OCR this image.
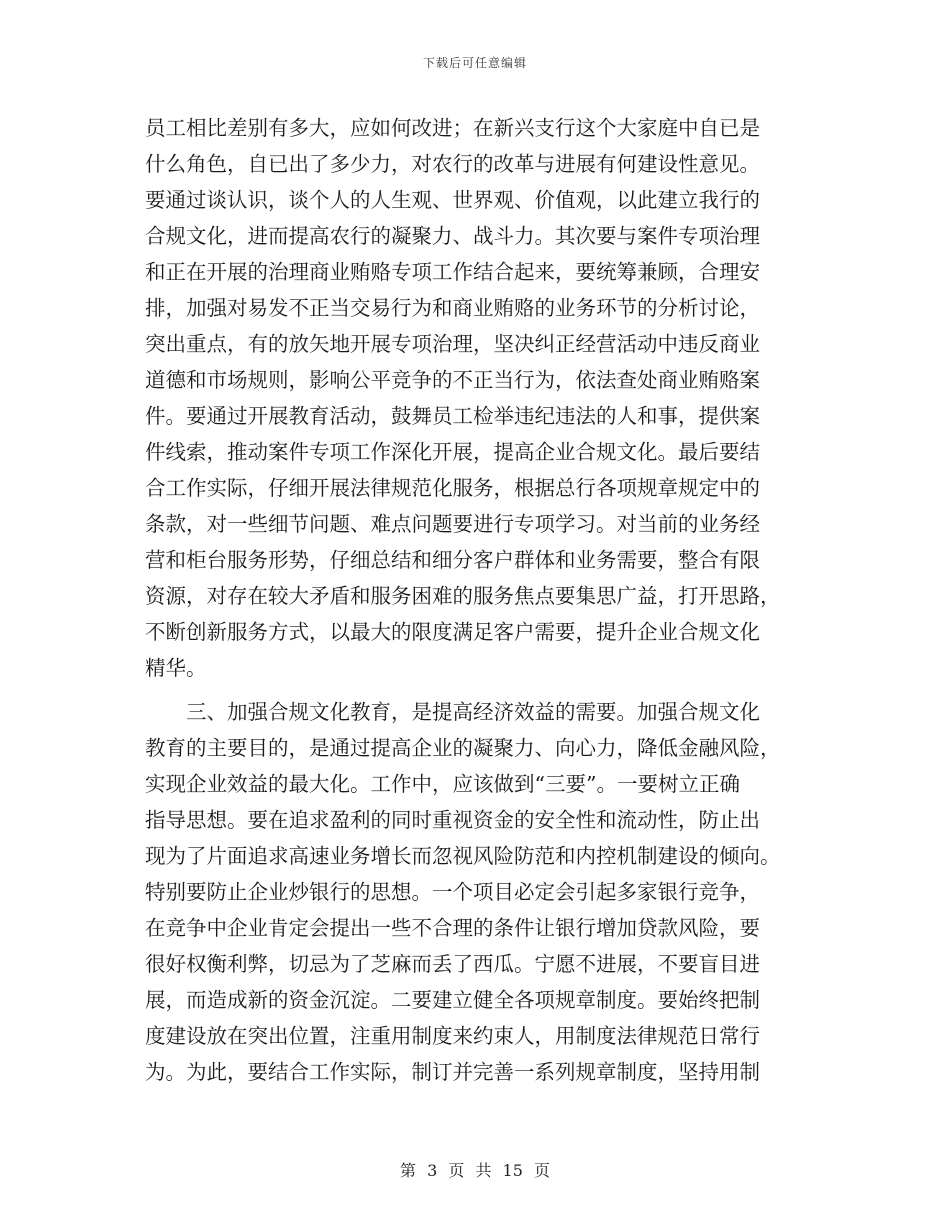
下载后可任意编辑
员工相比差别有多大，应如何改进；在新兴支行这个大家庭中自已是
什么角色，自已出了多少力，对农行的改革与进展有何建设性意见。
要通过谈认识，谈个人的人生观、世界观、价值观，以此建立我行的
合规文化，进而提高农行的凝聚力、战斗力。其次要与案件专项治理
和正在开展的治理商业贿赂专项工作结合起来，要统筹兼顾，合理安
排，加强对易发不正当交易行为和商业贿赂的业务环节的分析讨论，
突出重点，有的放矢地开展专项治理，坚决纠正经营活动中违反商业
道德和市场规则，影响公平竞争的不正当行为，依法查处商业贿赂案
件。要通过开展教育活动，鼓舞员工检举违纪违法的人和事，提供案
件线索，推动案件专项工作深化开展，提高企业合规文化。最后要结
合工作实际，仔细开展法律规范化服务，根据总行各项规章规定中的
条款，对一些细节问题、难点问题要进行专项学习。对当前的业务经
营和柜台服务形势，仔细总结和细分客户群体和业务需要，整合有限
资源，对存在较大矛盾和服务困难的服务焦点要集思广益，打开思路，
不断创新服务方式，以最大的限度满足客户需要，提升企业合规文化
精华。
　　三、加强合规文化教育，是提高经济效益的需要。加强合规文化
教育的主要目的，是通过提高企业的凝聚力、向心力，降低金融风险，
实现企业效益的最大化。工作中，应该做到“三要”。一要树立正确
指导思想。要在追求盈利的同时重视资金的安全性和流动性，防止出
现为了片面追求高速业务增长而忽视风险防范和内控机制建设的倾向。
特别要防止企业炒银行的思想。一个项目必定会引起多家银行竞争，
在竞争中企业肯定会提出一些不合理的条件让银行增加贷款风险，要
很好权衡利弊，切忌为了芝麻而丢了西瓜。宁愿不进展，不要盲目进
展，而造成新的资金沉淀。二要建立健全各项规章制度。要始终把制
度建设放在突出位置，注重用制度来约束人，用制度法律规范日常行
为。为此，要结合工作实际，制订并完善一系列规章制度，坚持用制
第 3 页 共 15 页
